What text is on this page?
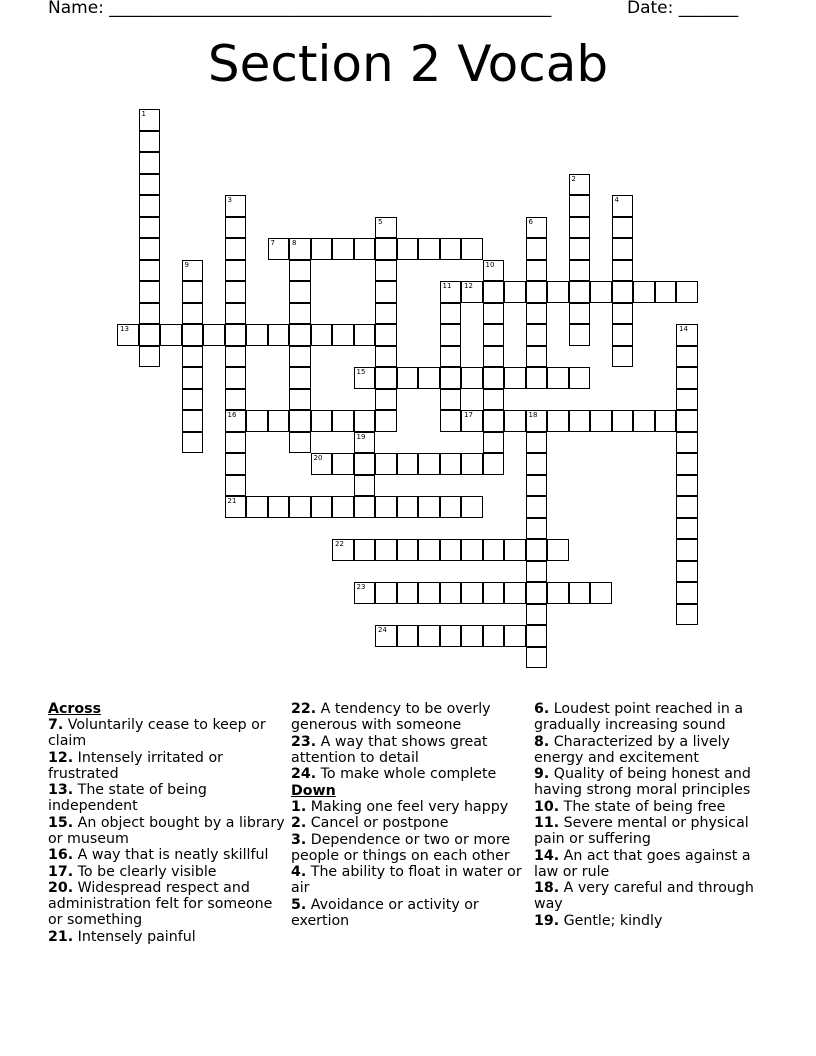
Name: ____________________________________________________	Date: _______
Section 2 Vocab
1
2
3
16
21
4
5	6
7 8
9	10
11 12
13	14
15
17	18
19
20
22
23
24

Across

7. Voluntarily cease to keep or claim

12. Intensely irritated or frustrated

13. The state of being independent

15. An object bought by a library or museum

16. A way that is neatly skillful

17. To be clearly visible

20. Widespread respect and administration felt for someone or something

21. Intensely painful

22. A tendency to be overly generous with someone

23. A way that shows great attention to detail

24. To make whole complete

Down

1. Making one feel very happy

2. Cancel or postpone

3. Dependence or two or more people or things on each other

4. The ability to float in water or air

5. Avoidance or activity or exertion

6. Loudest point reached in a gradually increasing sound

8. Characterized by a lively energy and excitement

9. Quality of being honest and having strong moral principles

10. The state of being free

11. Severe mental or physical pain or suffering

14. An act that goes against a law or rule

18. A very careful and through way

19. Gentle; kindly
